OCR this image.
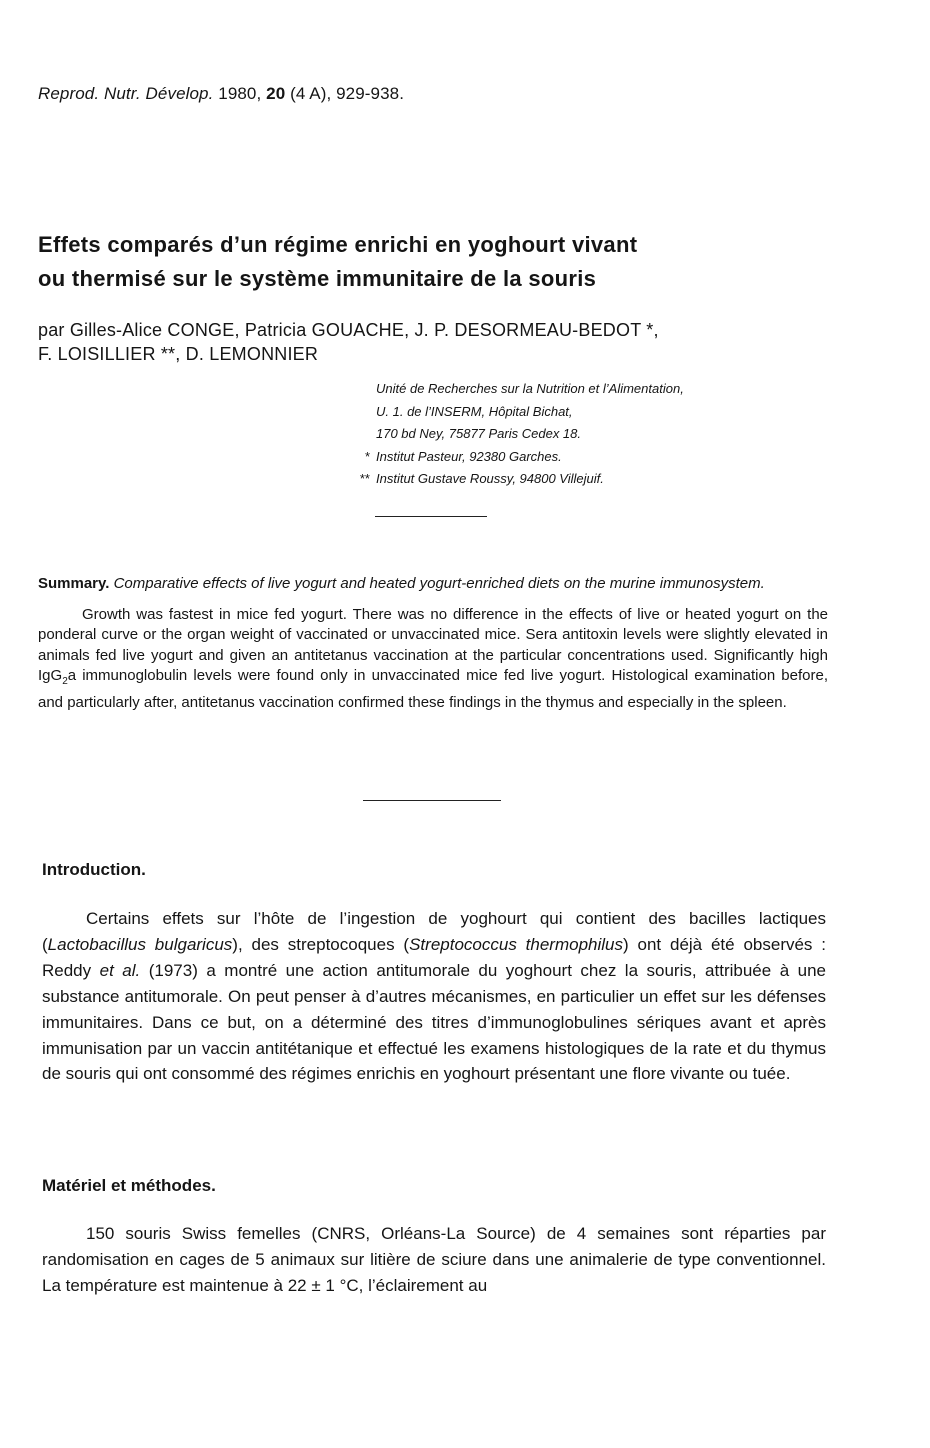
Reprod. Nutr. Dévelop. 1980, 20 (4 A), 929-938.
Effets comparés d’un régime enrichi en yoghourt vivant
ou thermisé sur le système immunitaire de la souris
par Gilles-Alice CONGE, Patricia GOUACHE, J. P. DESORMEAU-BEDOT *,
F. LOISILLIER **, D. LEMONNIER
Unité de Recherches sur la Nutrition et l’Alimentation,
U. 1. de l’INSERM, Hôpital Bichat,
170 bd Ney, 75877 Paris Cedex 18.
* Institut Pasteur, 92380 Garches.
** Institut Gustave Roussy, 94800 Villejuif.
Summary. Comparative effects of live yogurt and heated yogurt-enriched diets on the murine immunosystem.
Growth was fastest in mice fed yogurt. There was no difference in the effects of live or heated yogurt on the ponderal curve or the organ weight of vaccinated or unvaccinated mice. Sera antitoxin levels were slightly elevated in animals fed live yogurt and given an antitetanus vaccination at the particular concentrations used. Significantly high IgG$_2$a immunoglobulin levels were found only in unvaccinated mice fed live yogurt. Histological examination before, and particularly after, antitetanus vaccination confirmed these findings in the thymus and especially in the spleen.
Introduction.
Certains effets sur l’hôte de l’ingestion de yoghourt qui contient des bacilles lactiques (Lactobacillus bulgaricus), des streptocoques (Streptococcus thermophilus) ont déjà été observés : Reddy et al. (1973) a montré une action antitumorale du yoghourt chez la souris, attribuée à une substance antitumorale. On peut penser à d’autres mécanismes, en particulier un effet sur les défenses immunitaires. Dans ce but, on a déterminé des titres d’immunoglobulines sériques avant et après immunisation par un vaccin antitétanique et effectué les examens histologiques de la rate et du thymus de souris qui ont consommé des régimes enrichis en yoghourt présentant une flore vivante ou tuée.
Matériel et méthodes.
150 souris Swiss femelles (CNRS, Orléans-La Source) de 4 semaines sont réparties par randomisation en cages de 5 animaux sur litière de sciure dans une animalerie de type conventionnel. La température est maintenue à 22 ± 1 °C, l’éclairement au
